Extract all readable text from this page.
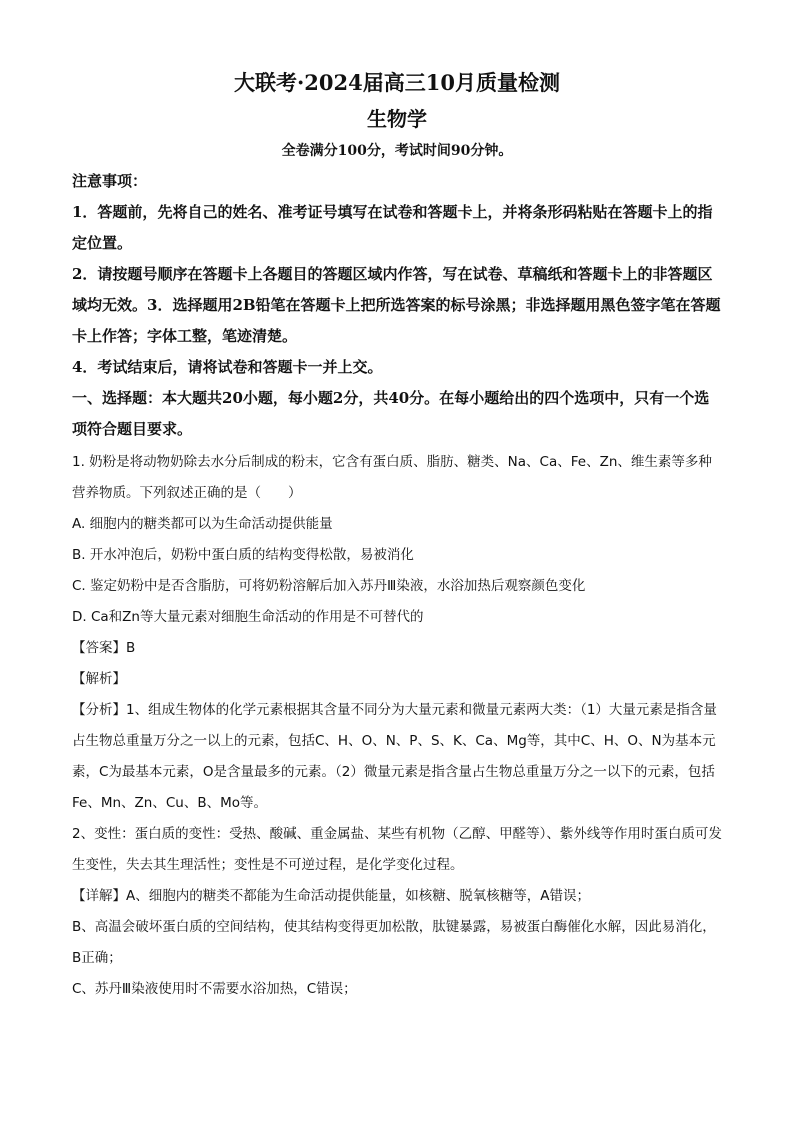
大联考·2024届高三10月质量检测
生物学
全卷满分100分，考试时间90分钟。
注意事项：
1．答题前，先将自己的姓名、准考证号填写在试卷和答题卡上，并将条形码粘贴在答题卡上的指定位置。
2．请按题号顺序在答题卡上各题目的答题区域内作答，写在试卷、草稿纸和答题卡上的非答题区域均无效。3．选择题用2B铅笔在答题卡上把所选答案的标号涂黑；非选择题用黑色签字笔在答题卡上作答；字体工整，笔迹清楚。
4．考试结束后，请将试卷和答题卡一并上交。
一、选择题：本大题共20小题，每小题2分，共40分。在每小题给出的四个选项中，只有一个选项符合题目要求。
1. 奶粉是将动物奶除去水分后制成的粉末，它含有蛋白质、脂肪、糖类、Na、Ca、Fe、Zn、维生素等多种营养物质。下列叙述正确的是（　　）
A. 细胞内的糖类都可以为生命活动提供能量
B. 开水冲泡后，奶粉中蛋白质的结构变得松散，易被消化
C. 鉴定奶粉中是否含脂肪，可将奶粉溶解后加入苏丹Ⅲ染液，水浴加热后观察颜色变化
D. Ca和Zn等大量元素对细胞生命活动的作用是不可替代的
【答案】B
【解析】
【分析】1、组成生物体的化学元素根据其含量不同分为大量元素和微量元素两大类：（1）大量元素是指含量占生物总重量万分之一以上的元素，包括C、H、O、N、P、S、K、Ca、Mg等，其中C、H、O、N为基本元素，C为最基本元素，O是含量最多的元素。（2）微量元素是指含量占生物总重量万分之一以下的元素，包括Fe、Mn、Zn、Cu、B、Mo等。
2、变性：蛋白质的变性：受热、酸碱、重金属盐、某些有机物（乙醇、甲醛等）、紫外线等作用时蛋白质可发生变性，失去其生理活性；变性是不可逆过程，是化学变化过程。
【详解】A、细胞内的糖类不都能为生命活动提供能量，如核糖、脱氧核糖等，A错误；
B、高温会破坏蛋白质的空间结构，使其结构变得更加松散，肽键暴露，易被蛋白酶催化水解，因此易消化，B正确；
C、苏丹Ⅲ染液使用时不需要水浴加热，C错误；
